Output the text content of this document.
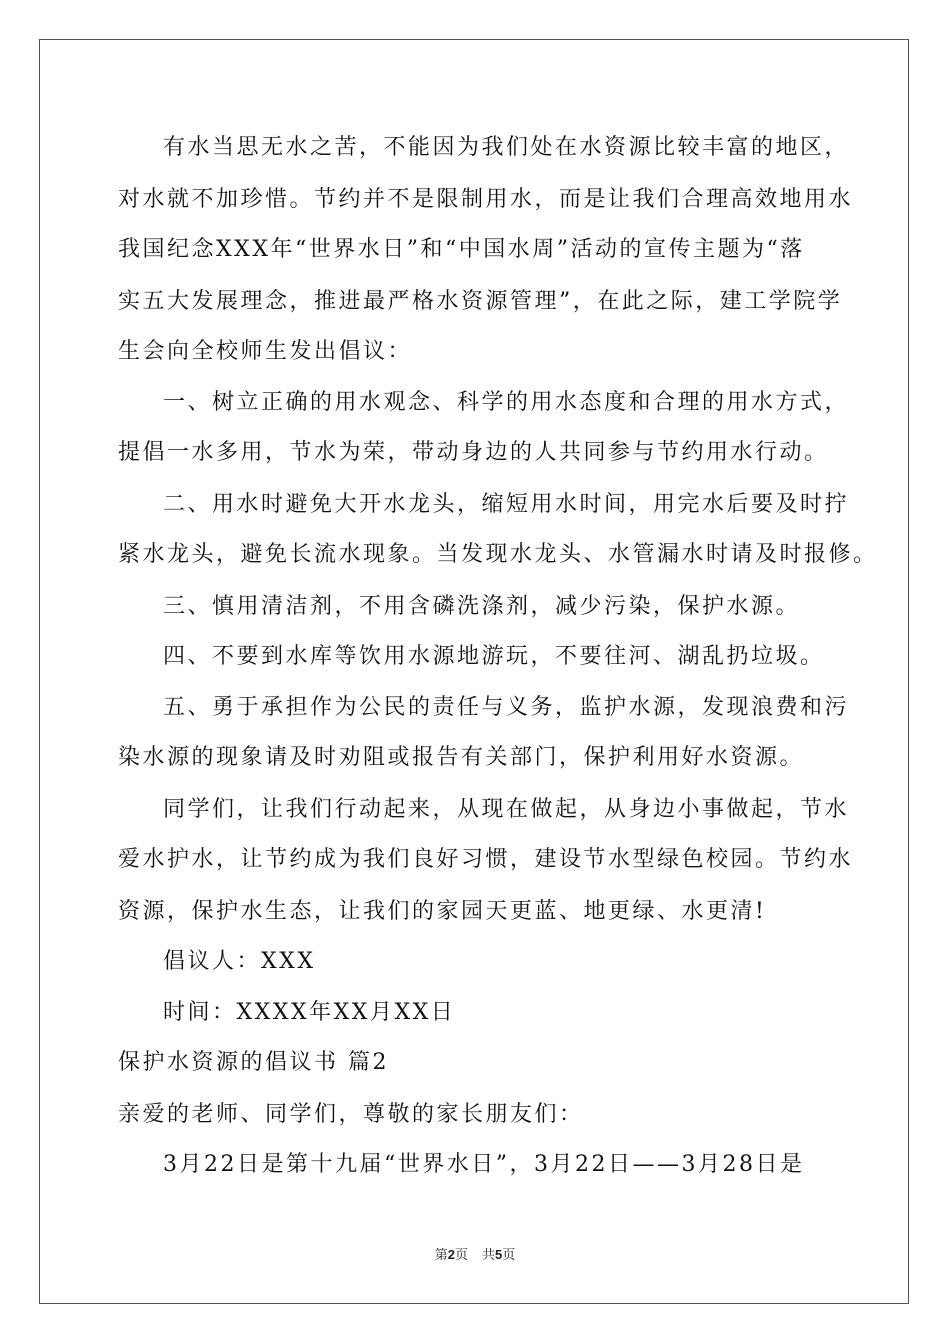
有水当思无水之苦，不能因为我们处在水资源比较丰富的地区，
对水就不加珍惜。节约并不是限制用水，而是让我们合理高效地用水
我国纪念XXX年“世界水日”和“中国水周”活动的宣传主题为“落
实五大发展理念，推进最严格水资源管理”，在此之际，建工学院学
生会向全校师生发出倡议：
一、树立正确的用水观念、科学的用水态度和合理的用水方式，
提倡一水多用，节水为荣，带动身边的人共同参与节约用水行动。
二、用水时避免大开水龙头，缩短用水时间，用完水后要及时拧
紧水龙头，避免长流水现象。当发现水龙头、水管漏水时请及时报修。
三、慎用清洁剂，不用含磷洗涤剂，减少污染，保护水源。
四、不要到水库等饮用水源地游玩，不要往河、湖乱扔垃圾。
五、勇于承担作为公民的责任与义务，监护水源，发现浪费和污
染水源的现象请及时劝阻或报告有关部门，保护利用好水资源。
同学们，让我们行动起来，从现在做起，从身边小事做起，节水
爱水护水，让节约成为我们良好习惯，建设节水型绿色校园。节约水
资源，保护水生态，让我们的家园天更蓝、地更绿、水更清!
倡议人：XXX
时间：XXXX年XX月XX日
保护水资源的倡议书 篇2
亲爱的老师、同学们，尊敬的家长朋友们：
3月22日是第十九届“世界水日”，3月22日——3月28日是
第2页 共5页
